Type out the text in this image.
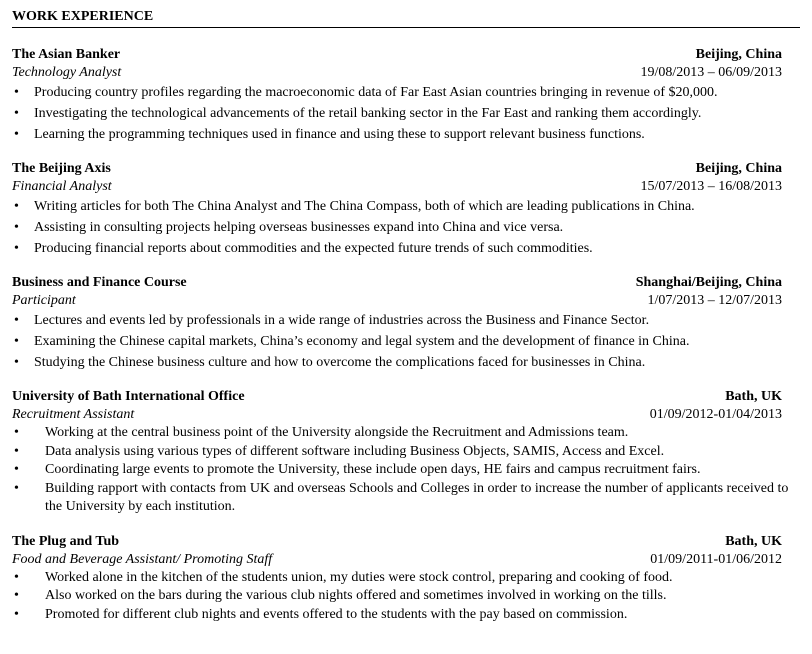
WORK EXPERIENCE
The Asian Banker	Beijing, China
Technology Analyst	19/08/2013 – 06/09/2013
• Producing country profiles regarding the macroeconomic data of Far East Asian countries bringing in revenue of $20,000.
• Investigating the technological advancements of the retail banking sector in the Far East and ranking them accordingly.
• Learning the programming techniques used in finance and using these to support relevant business functions.
The Beijing Axis	Beijing, China
Financial Analyst	15/07/2013 – 16/08/2013
• Writing articles for both The China Analyst and The China Compass, both of which are leading publications in China.
• Assisting in consulting projects helping overseas businesses expand into China and vice versa.
• Producing financial reports about commodities and the expected future trends of such commodities.
Business and Finance Course	Shanghai/Beijing, China
Participant	1/07/2013 – 12/07/2013
• Lectures and events led by professionals in a wide range of industries across the Business and Finance Sector.
• Examining the Chinese capital markets, China’s economy and legal system and the development of finance in China.
• Studying the Chinese business culture and how to overcome the complications faced for businesses in China.
University of Bath International Office	Bath, UK
Recruitment Assistant	01/09/2012-01/04/2013
• Working at the central business point of the University alongside the Recruitment and Admissions team.
• Data analysis using various types of different software including Business Objects, SAMIS, Access and Excel.
• Coordinating large events to promote the University, these include open days, HE fairs and campus recruitment fairs.
• Building rapport with contacts from UK and overseas Schools and Colleges in order to increase the number of applicants received to the University by each institution.
The Plug and Tub	Bath, UK
Food and Beverage Assistant/ Promoting Staff	01/09/2011-01/06/2012
• Worked alone in the kitchen of the students union, my duties were stock control, preparing and cooking of food.
• Also worked on the bars during the various club nights offered and sometimes involved in working on the tills.
• Promoted for different club nights and events offered to the students with the pay based on commission.
